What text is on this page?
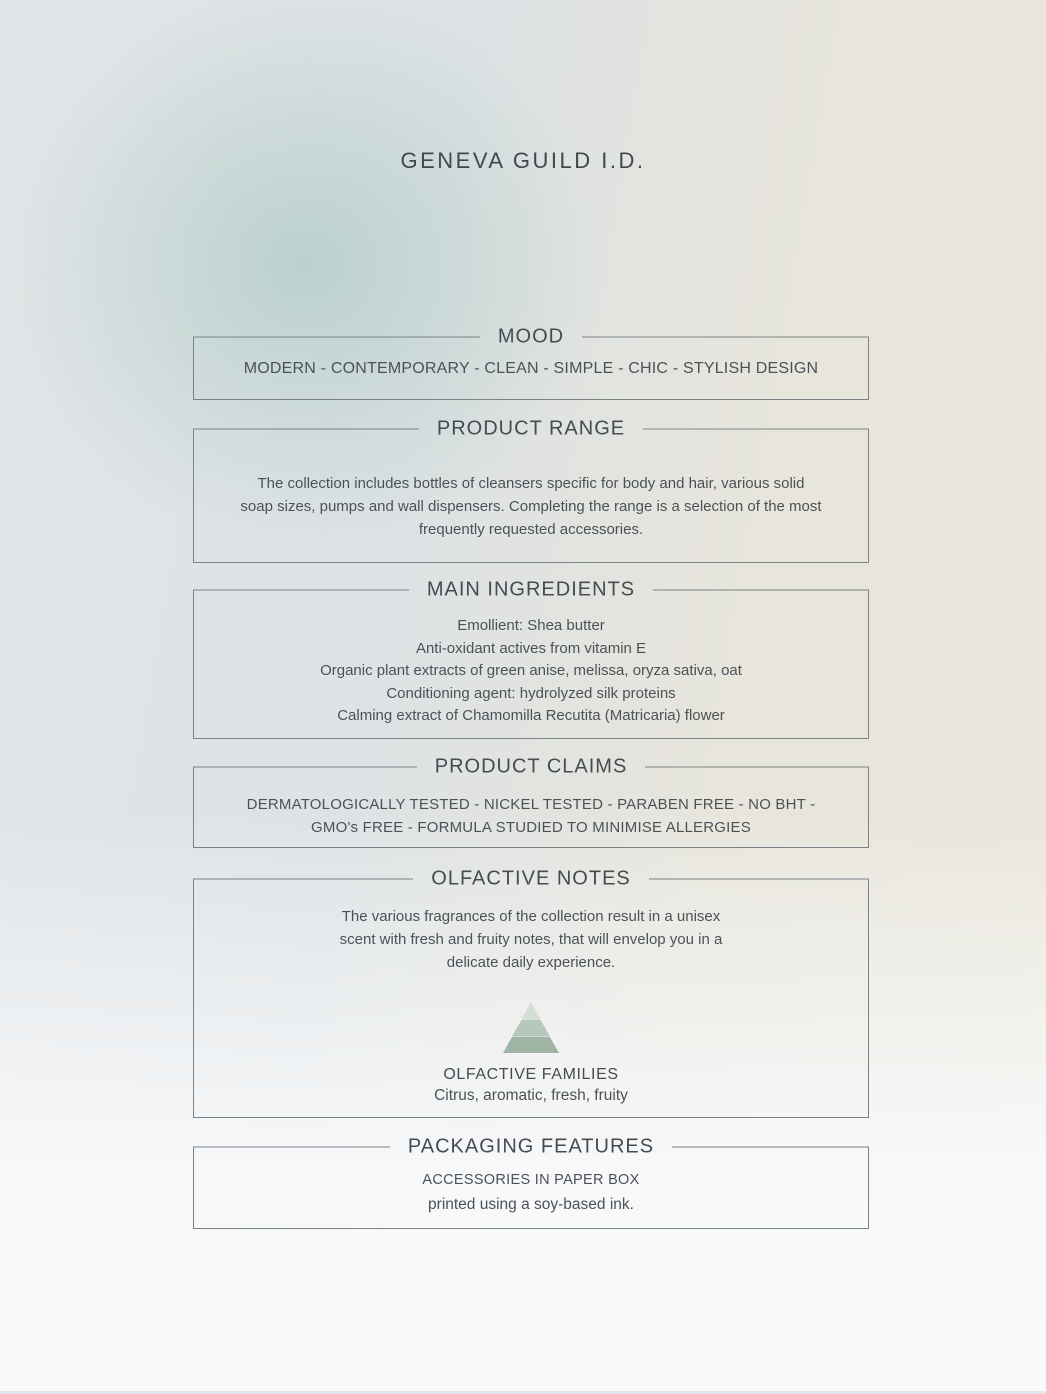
GENEVA GUILD I.D.
MOOD
MODERN - CONTEMPORARY - CLEAN - SIMPLE - CHIC - STYLISH DESIGN
PRODUCT RANGE
The collection includes bottles of cleansers specific for body and hair, various solid
soap sizes, pumps and wall dispensers. Completing the range is a selection of the most
frequently requested accessories.
MAIN INGREDIENTS
Emollient: Shea butter
Anti-oxidant actives from vitamin E
Organic plant extracts of green anise, melissa, oryza sativa, oat
Conditioning agent: hydrolyzed silk proteins
Calming extract of Chamomilla Recutita (Matricaria) flower
PRODUCT CLAIMS
DERMATOLOGICALLY TESTED - NICKEL TESTED - PARABEN FREE - NO BHT -
GMO's FREE - FORMULA STUDIED TO MINIMISE ALLERGIES
OLFACTIVE NOTES
The various fragrances of the collection result in a unisex
scent with fresh and fruity notes, that will envelop you in a
delicate daily experience.
OLFACTIVE FAMILIES
Citrus, aromatic, fresh, fruity
PACKAGING FEATURES
ACCESSORIES IN PAPER BOX
printed using a soy-based ink.
